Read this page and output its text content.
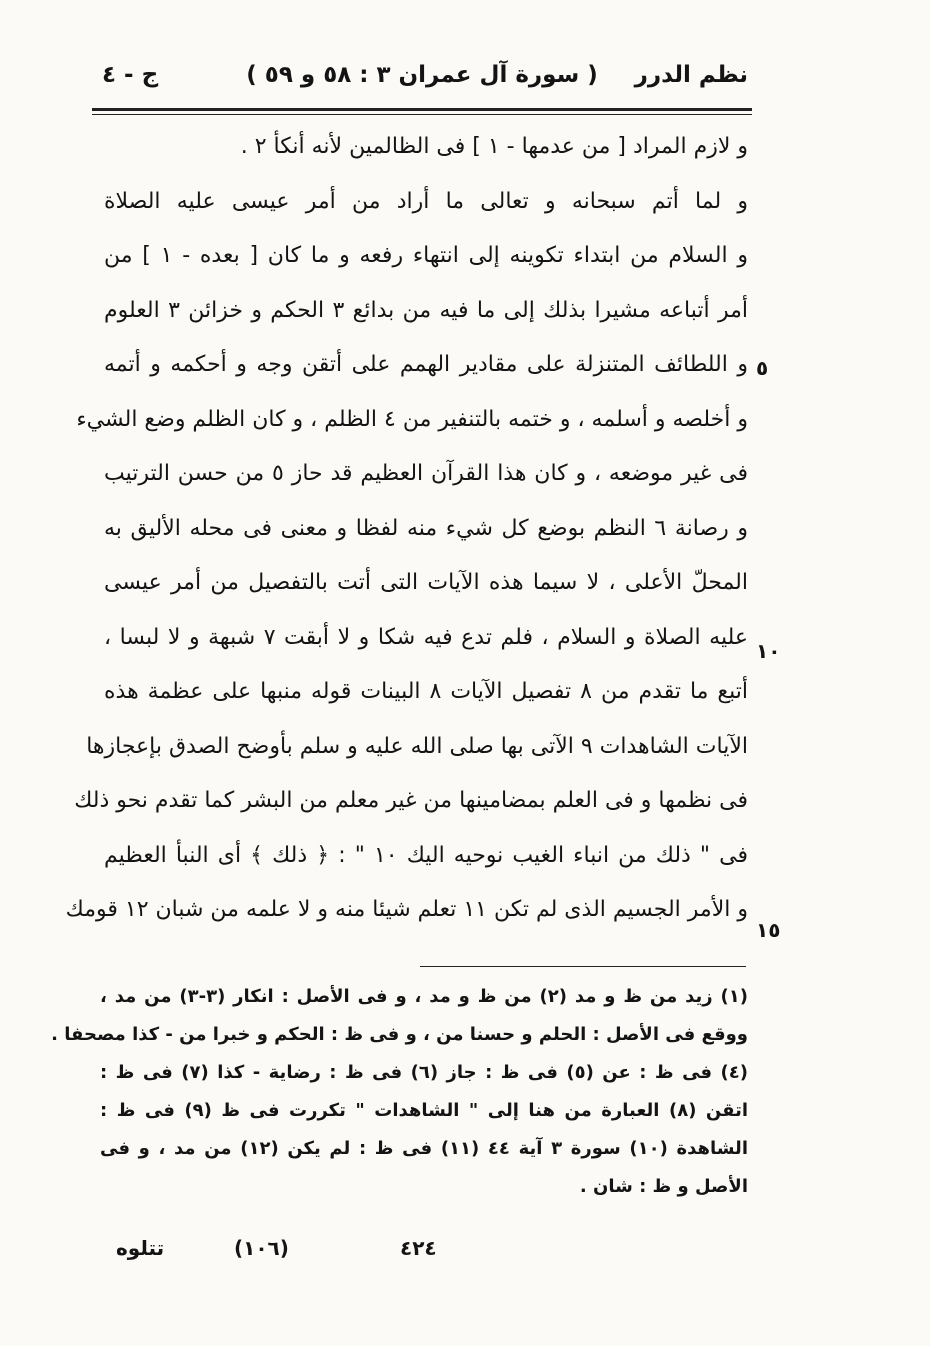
نظم الدرر
( سورة آل عمران ٣ : ٥٨ و ٥٩ )
ج - ٤
و لازم المراد [ من عدمها - ١ ] فى الظالمين لأنه أنكأ ٢ .
و لما أتم سبحانه و تعالى ما أراد من أمر عيسى عليه الصلاة
و السلام من ابتداء تكوينه إلى انتهاء رفعه و ما كان [ بعده - ١ ] من
أمر أتباعه مشيرا بذلك إلى ما فيه من بدائع ٣ الحكم و خزائن ٣ العلوم
و اللطائف المتنزلة على مقادير الهمم على أتقن وجه و أحكمه و أتمه
و أخلصه و أسلمه ، و ختمه بالتنفير من ٤ الظلم ، و كان الظلم وضع الشيء
فى غير موضعه ، و كان هذا القرآن العظيم قد حاز ٥ من حسن الترتيب
و رصانة ٦ النظم بوضع كل شيء منه لفظا و معنى فى محله الأليق به
المحلّ الأعلى ، لا سيما هذه الآيات التى أتت بالتفصيل من أمر عيسى
عليه الصلاة و السلام ، فلم تدع فيه شكا و لا أبقت ٧ شبهة و لا لبسا ،
أتبع ما تقدم من ٨ تفصيل الآيات ٨ البينات قوله منبها على عظمة هذه
الآيات الشاهدات ٩ الآتى بها صلى الله عليه و سلم بأوضح الصدق بإعجازها
فى نظمها و فى العلم بمضامينها من غير معلم من البشر كما تقدم نحو ذلك
فى " ذلك من انباء الغيب نوحيه اليك ١٠ " : ﴿ ذلك ﴾ أى النبأ العظيم
و الأمر الجسيم الذى لم تكن ١١ تعلم شيئا منه و لا علمه من شبان ١٢ قومك
٥
١٠
١٥
(١) زيد من ظ و مد (٢) من ظ و مد ، و فى الأصل : انكار (٣-٣) من مد ،
ووقع فى الأصل : الحلم و حسنا من ، و فى ظ : الحكم و خبرا من - كذا مصحفا .
(٤) فى ظ : عن (٥) فى ظ : جاز (٦) فى ظ : رضاية - كذا (٧) فى ظ :
اتقن (٨) العبارة من هنا إلى " الشاهدات " تكررت فى ظ (٩) فى ظ :
الشاهدة (١٠) سورة ٣ آية ٤٤ (١١) فى ظ : لم يكن (١٢) من مد ، و فى
الأصل و ظ : شان .
تتلوه	(١٠٦)	٤٢٤
